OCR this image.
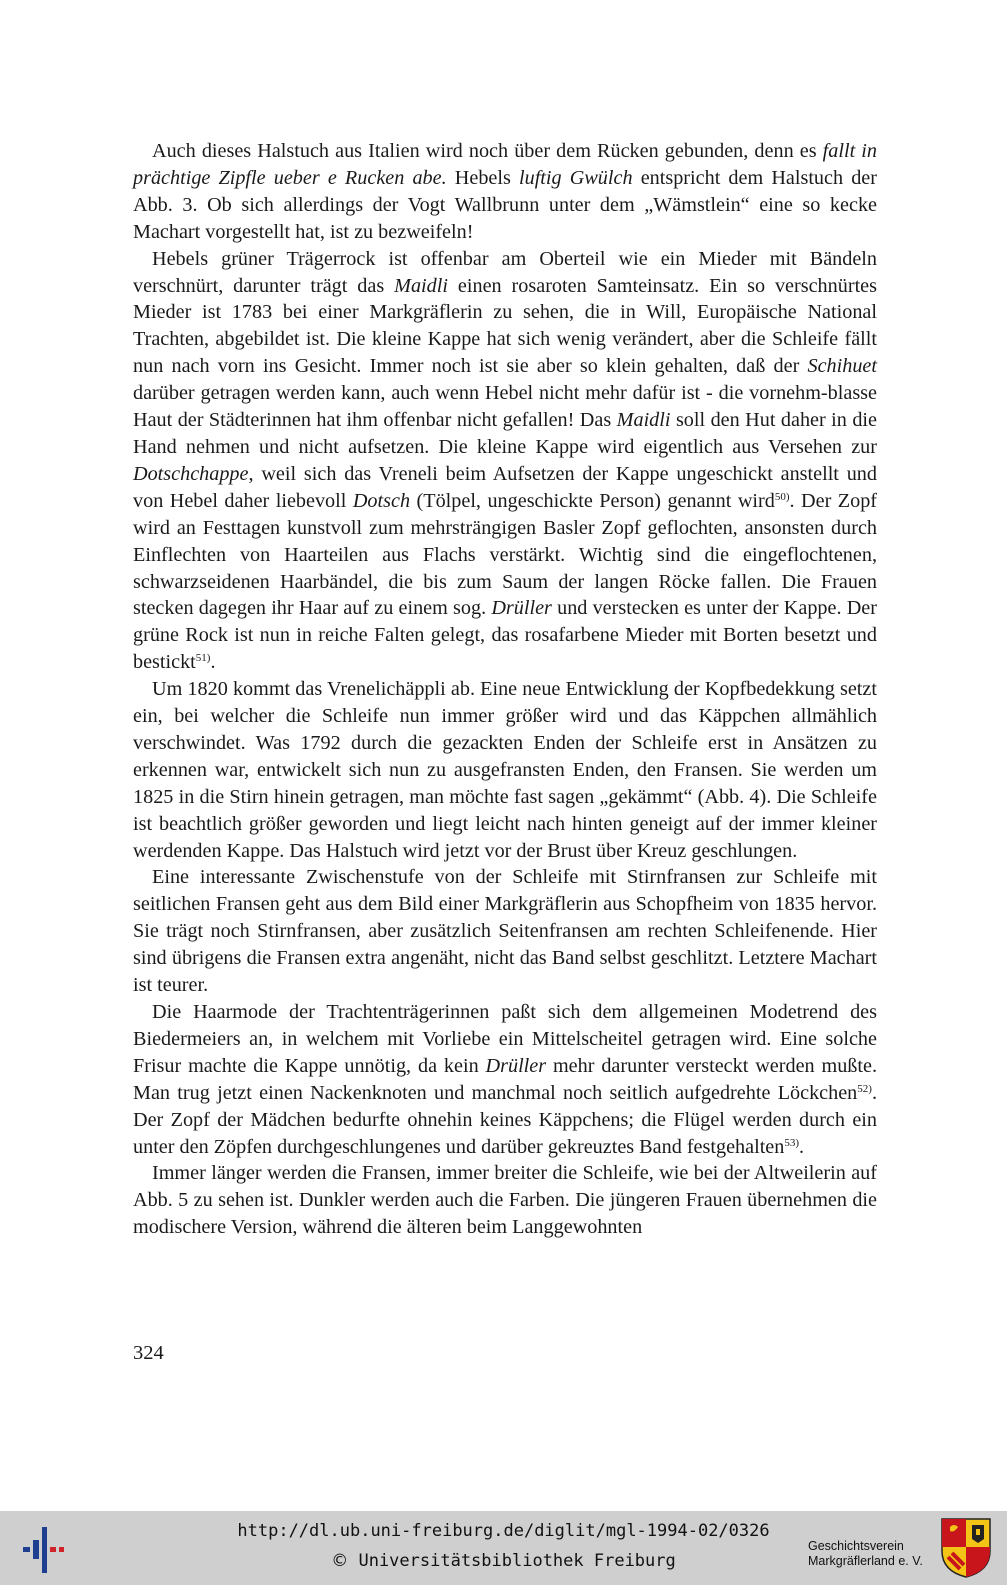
Auch dieses Halstuch aus Italien wird noch über dem Rücken gebunden, denn es fallt in prächtige Zipfle ueber e Rucken abe. Hebels luftig Gwülch entspricht dem Halstuch der Abb. 3. Ob sich allerdings der Vogt Wallbrunn unter dem „Wämstlein“ eine so kecke Machart vorgestellt hat, ist zu bezweifeln!

Hebels grüner Trägerrock ist offenbar am Oberteil wie ein Mieder mit Bändeln verschnürt, darunter trägt das Maidli einen rosaroten Samteinsatz. Ein so verschnürtes Mieder ist 1783 bei einer Markgräflerin zu sehen, die in Will, Europäische National Trachten, abgebildet ist. Die kleine Kappe hat sich wenig verändert, aber die Schleife fällt nun nach vorn ins Gesicht. Immer noch ist sie aber so klein gehalten, daß der Schihuet darüber getragen werden kann, auch wenn Hebel nicht mehr dafür ist - die vornehm-blasse Haut der Städterinnen hat ihm offenbar nicht gefallen! Das Maidli soll den Hut daher in die Hand nehmen und nicht aufsetzen. Die kleine Kappe wird eigentlich aus Versehen zur Dotschchappe, weil sich das Vreneli beim Aufsetzen der Kappe ungeschickt anstellt und von Hebel daher liebevoll Dotsch (Tölpel, ungeschickte Person) genannt wird$^{50)}$. Der Zopf wird an Festtagen kunstvoll zum mehrsträngigen Basler Zopf geflochten, ansonsten durch Einflechten von Haarteilen aus Flachs verstärkt. Wichtig sind die eingeflochtenen, schwarzseidenen Haarbändel, die bis zum Saum der langen Röcke fallen. Die Frauen stecken dagegen ihr Haar auf zu einem sog. Drüller und verstecken es unter der Kappe. Der grüne Rock ist nun in reiche Falten gelegt, das rosafarbene Mieder mit Borten besetzt und bestickt$^{51)}$.

Um 1820 kommt das Vrenelichäppli ab. Eine neue Entwicklung der Kopfbedekkung setzt ein, bei welcher die Schleife nun immer größer wird und das Käppchen allmählich verschwindet. Was 1792 durch die gezackten Enden der Schleife erst in Ansätzen zu erkennen war, entwickelt sich nun zu ausgefransten Enden, den Fransen. Sie werden um 1825 in die Stirn hinein getragen, man möchte fast sagen „gekämmt“ (Abb. 4). Die Schleife ist beachtlich größer geworden und liegt leicht nach hinten geneigt auf der immer kleiner werdenden Kappe. Das Halstuch wird jetzt vor der Brust über Kreuz geschlungen.

Eine interessante Zwischenstufe von der Schleife mit Stirnfransen zur Schleife mit seitlichen Fransen geht aus dem Bild einer Markgräflerin aus Schopfheim von 1835 hervor. Sie trägt noch Stirnfransen, aber zusätzlich Seitenfransen am rechten Schleifenende. Hier sind übrigens die Fransen extra angenäht, nicht das Band selbst geschlitzt. Letztere Machart ist teurer.

Die Haarmode der Trachtenträgerinnen paßt sich dem allgemeinen Modetrend des Biedermeiers an, in welchem mit Vorliebe ein Mittelscheitel getragen wird. Eine solche Frisur machte die Kappe unnötig, da kein Drüller mehr darunter versteckt werden mußte. Man trug jetzt einen Nackenknoten und manchmal noch seitlich aufgedrehte Löckchen$^{52)}$. Der Zopf der Mädchen bedurfte ohnehin keines Käppchens; die Flügel werden durch ein unter den Zöpfen durchgeschlungenes und darüber gekreuztes Band festgehalten$^{53)}$.

Immer länger werden die Fransen, immer breiter die Schleife, wie bei der Altweilerin auf Abb. 5 zu sehen ist. Dunkler werden auch die Farben. Die jüngeren Frauen übernehmen die modischere Version, während die älteren beim Langgewohnten

324
http://dl.ub.uni-freiburg.de/diglit/mgl-1994-02/0326
© Universitätsbibliothek Freiburg
Geschichtsverein
Markgräflerland e. V.
